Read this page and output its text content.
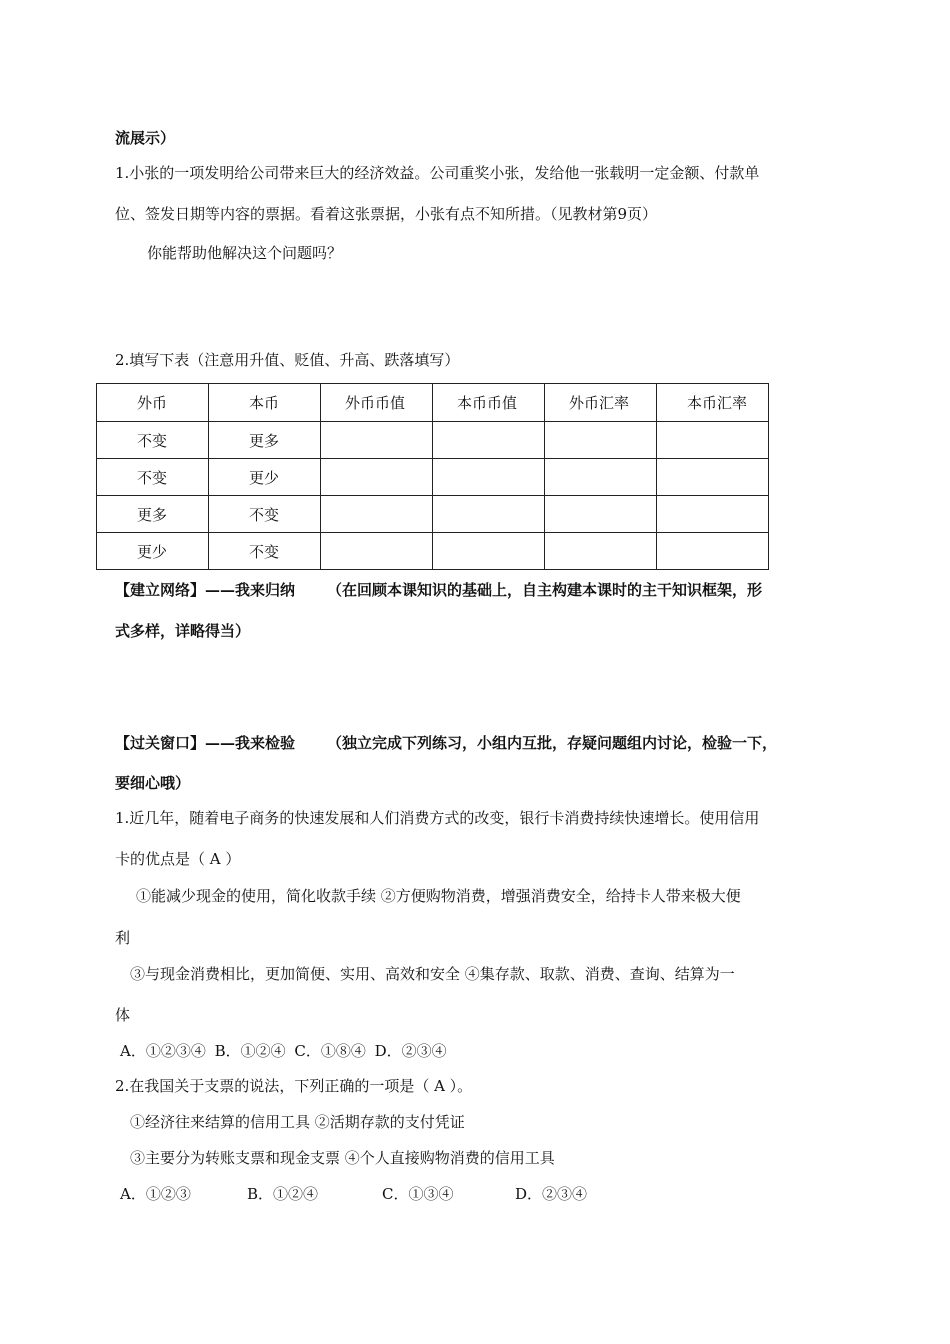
流展示）
1.小张的一项发明给公司带来巨大的经济效益。公司重奖小张，发给他一张载明一定金额、付款单
位、签发日期等内容的票据。看着这张票据，小张有点不知所措。（见教材第9页）
你能帮助他解决这个问题吗？
2.填写下表（注意用升值、贬值、升高、跌落填写）
外币	本币	外币币值	本币币值	外币汇率	本币汇率
不变	更多				
不变	更少				
更多	不变				
更少	不变				
【建立网络】——我来归纳 （在回顾本课知识的基础上，自主构建本课时的主干知识框架，形
式多样，详略得当）
【过关窗口】——我来检验 （独立完成下列练习，小组内互批，存疑问题组内讨论，检验一下，
要细心哦）
1.近几年，随着电子商务的快速发展和人们消费方式的改变，银行卡消费持续快速增长。使用信用
卡的优点是（ A ）
①能减少现金的使用，简化收款手续 ②方便购物消费，增强消费安全，给持卡人带来极大便
利
③与现金消费相比，更加简便、实用、高效和安全 ④集存款、取款、消费、查询、结算为一
体
A．①②③④ B．①②④ C．①⑧④ D．②③④
2.在我国关于支票的说法，下列正确的一项是（ A ）。
①经济往来结算的信用工具 ②活期存款的支付凭证
③主要分为转账支票和现金支票 ④个人直接购物消费的信用工具
A．①②③	B．①②④	C．①③④	D．②③④
